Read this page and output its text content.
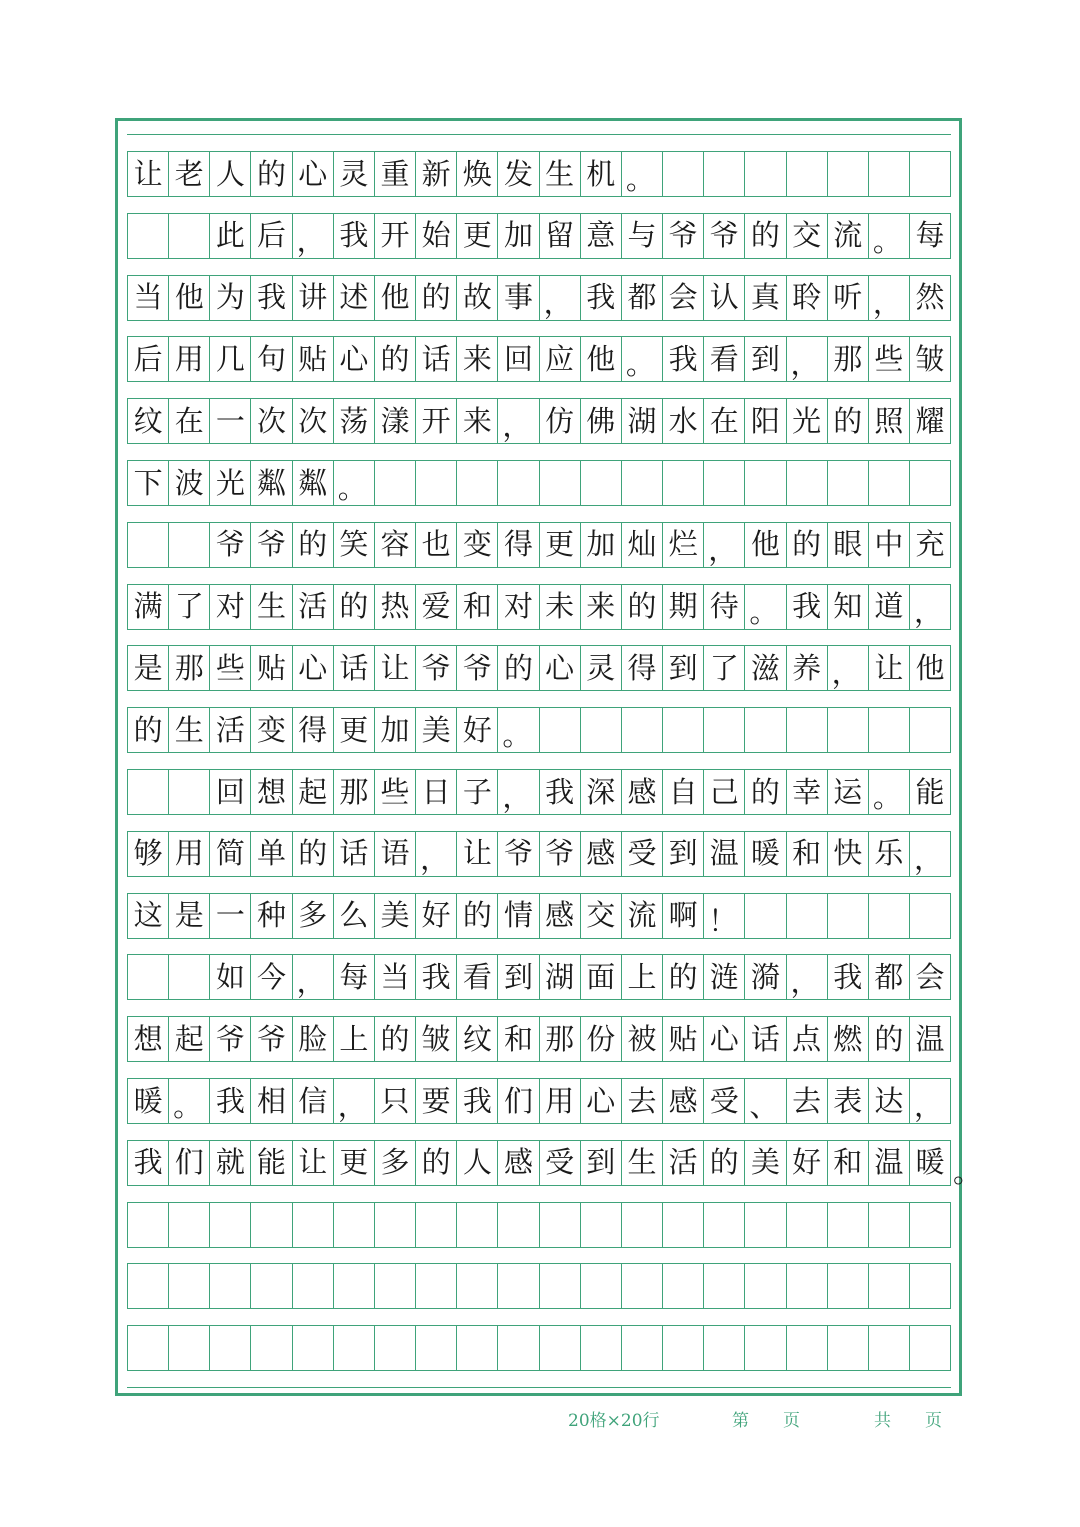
让 老 人 的 心 灵 重 新 焕 发 生 机 。
此 后 ， 我 开 始 更 加 留 意 与 爷 爷 的 交 流 。 每
当 他 为 我 讲 述 他 的 故 事 ， 我 都 会 认 真 聆 听 ， 然
后 用 几 句 贴 心 的 话 来 回 应 他 。 我 看 到 ， 那 些 皱
纹 在 一 次 次 荡 漾 开 来 ， 仿 佛 湖 水 在 阳 光 的 照 耀
下 波 光 粼 粼 。
爷 爷 的 笑 容 也 变 得 更 加 灿 烂 ， 他 的 眼 中 充
满 了 对 生 活 的 热 爱 和 对 未 来 的 期 待 。 我 知 道 ，
是 那 些 贴 心 话 让 爷 爷 的 心 灵 得 到 了 滋 养 ， 让 他
的 生 活 变 得 更 加 美 好 。
回 想 起 那 些 日 子 ， 我 深 感 自 己 的 幸 运 。 能
够 用 简 单 的 话 语 ， 让 爷 爷 感 受 到 温 暖 和 快 乐 ，
这 是 一 种 多 么 美 好 的 情 感 交 流 啊 ！
如 今 ， 每 当 我 看 到 湖 面 上 的 涟 漪 ， 我 都 会
想 起 爷 爷 脸 上 的 皱 纹 和 那 份 被 贴 心 话 点 燃 的 温
暖 。 我 相 信 ， 只 要 我 们 用 心 去 感 受 、 去 表 达 ，
我 们 就 能 让 更 多 的 人 感 受 到 生 活 的 美 好 和 温 暖 。
20格×20行	第　　页	共　　页
